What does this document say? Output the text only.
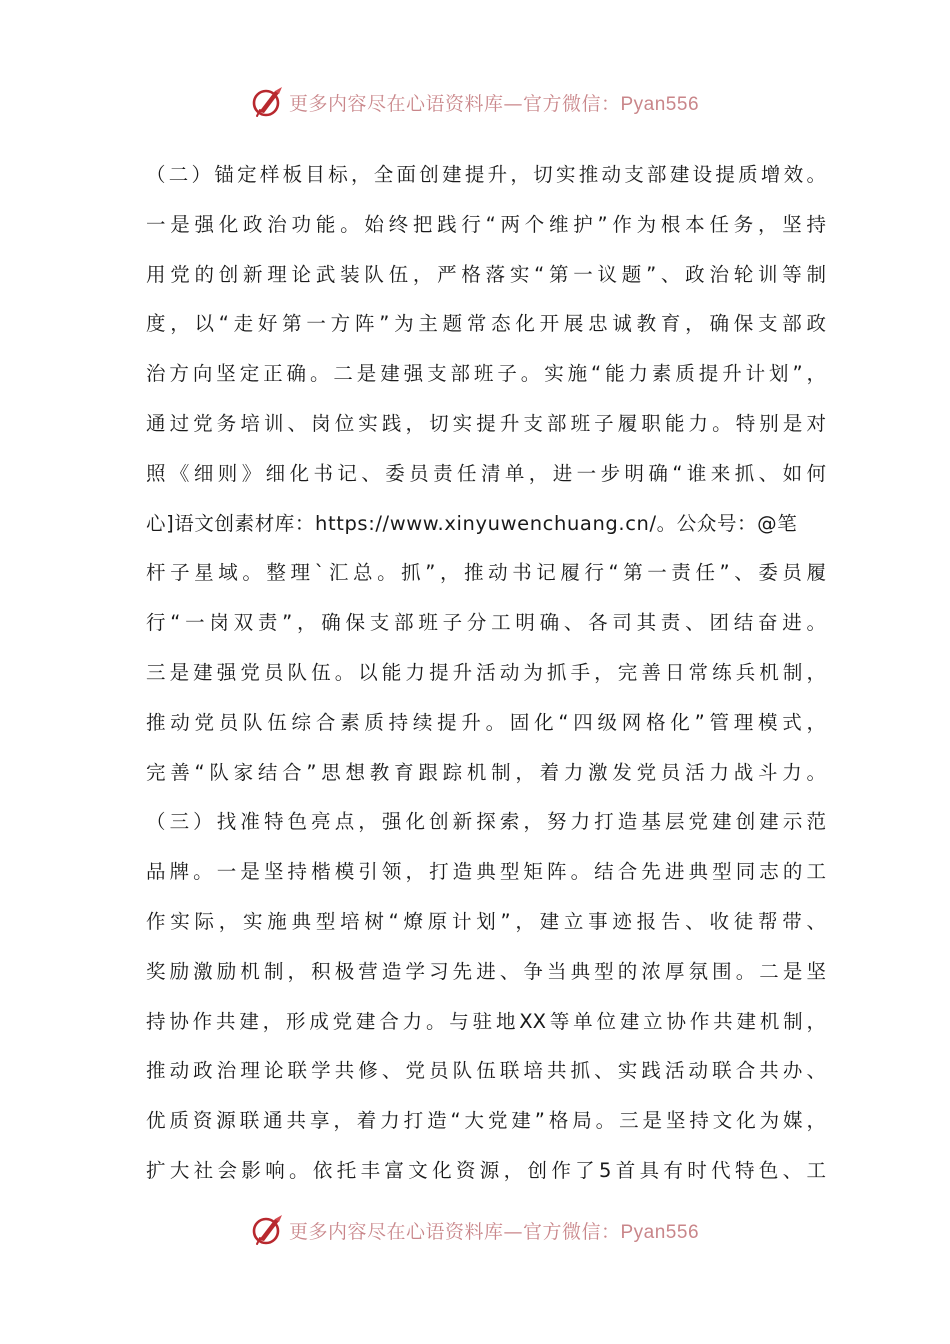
更多内容尽在心语资料库—官方微信：Pyan556
（二）锚定样板目标，全面创建提升，切实推动支部建设提质增效。
一是强化政治功能。始终把践行“两个维护”作为根本任务，坚持
用党的创新理论武装队伍，严格落实“第一议题”、政治轮训等制
度，以“走好第一方阵”为主题常态化开展忠诚教育，确保支部政
治方向坚定正确。二是建强支部班子。实施“能力素质提升计划”，
通过党务培训、岗位实践，切实提升支部班子履职能力。特别是对
照《细则》细化书记、委员责任清单，进一步明确“谁来抓、如何
心]语文创素材库：https://www.xinyuwenchuang.cn/。公众号：@笔
杆子星域。整理`汇总。抓”，推动书记履行“第一责任”、委员履
行“一岗双责”，确保支部班子分工明确、各司其责、团结奋进。
三是建强党员队伍。以能力提升活动为抓手，完善日常练兵机制，
推动党员队伍综合素质持续提升。固化“四级网格化”管理模式，
完善“队家结合”思想教育跟踪机制，着力激发党员活力战斗力。
（三）找准特色亮点，强化创新探索，努力打造基层党建创建示范
品牌。一是坚持楷模引领，打造典型矩阵。结合先进典型同志的工
作实际，实施典型培树“燎原计划”，建立事迹报告、收徒帮带、
奖励激励机制，积极营造学习先进、争当典型的浓厚氛围。二是坚
持协作共建，形成党建合力。与驻地XX等单位建立协作共建机制，
推动政治理论联学共修、党员队伍联培共抓、实践活动联合共办、
优质资源联通共享，着力打造“大党建”格局。三是坚持文化为媒，
扩大社会影响。依托丰富文化资源，创作了5首具有时代特色、工
更多内容尽在心语资料库—官方微信：Pyan556
